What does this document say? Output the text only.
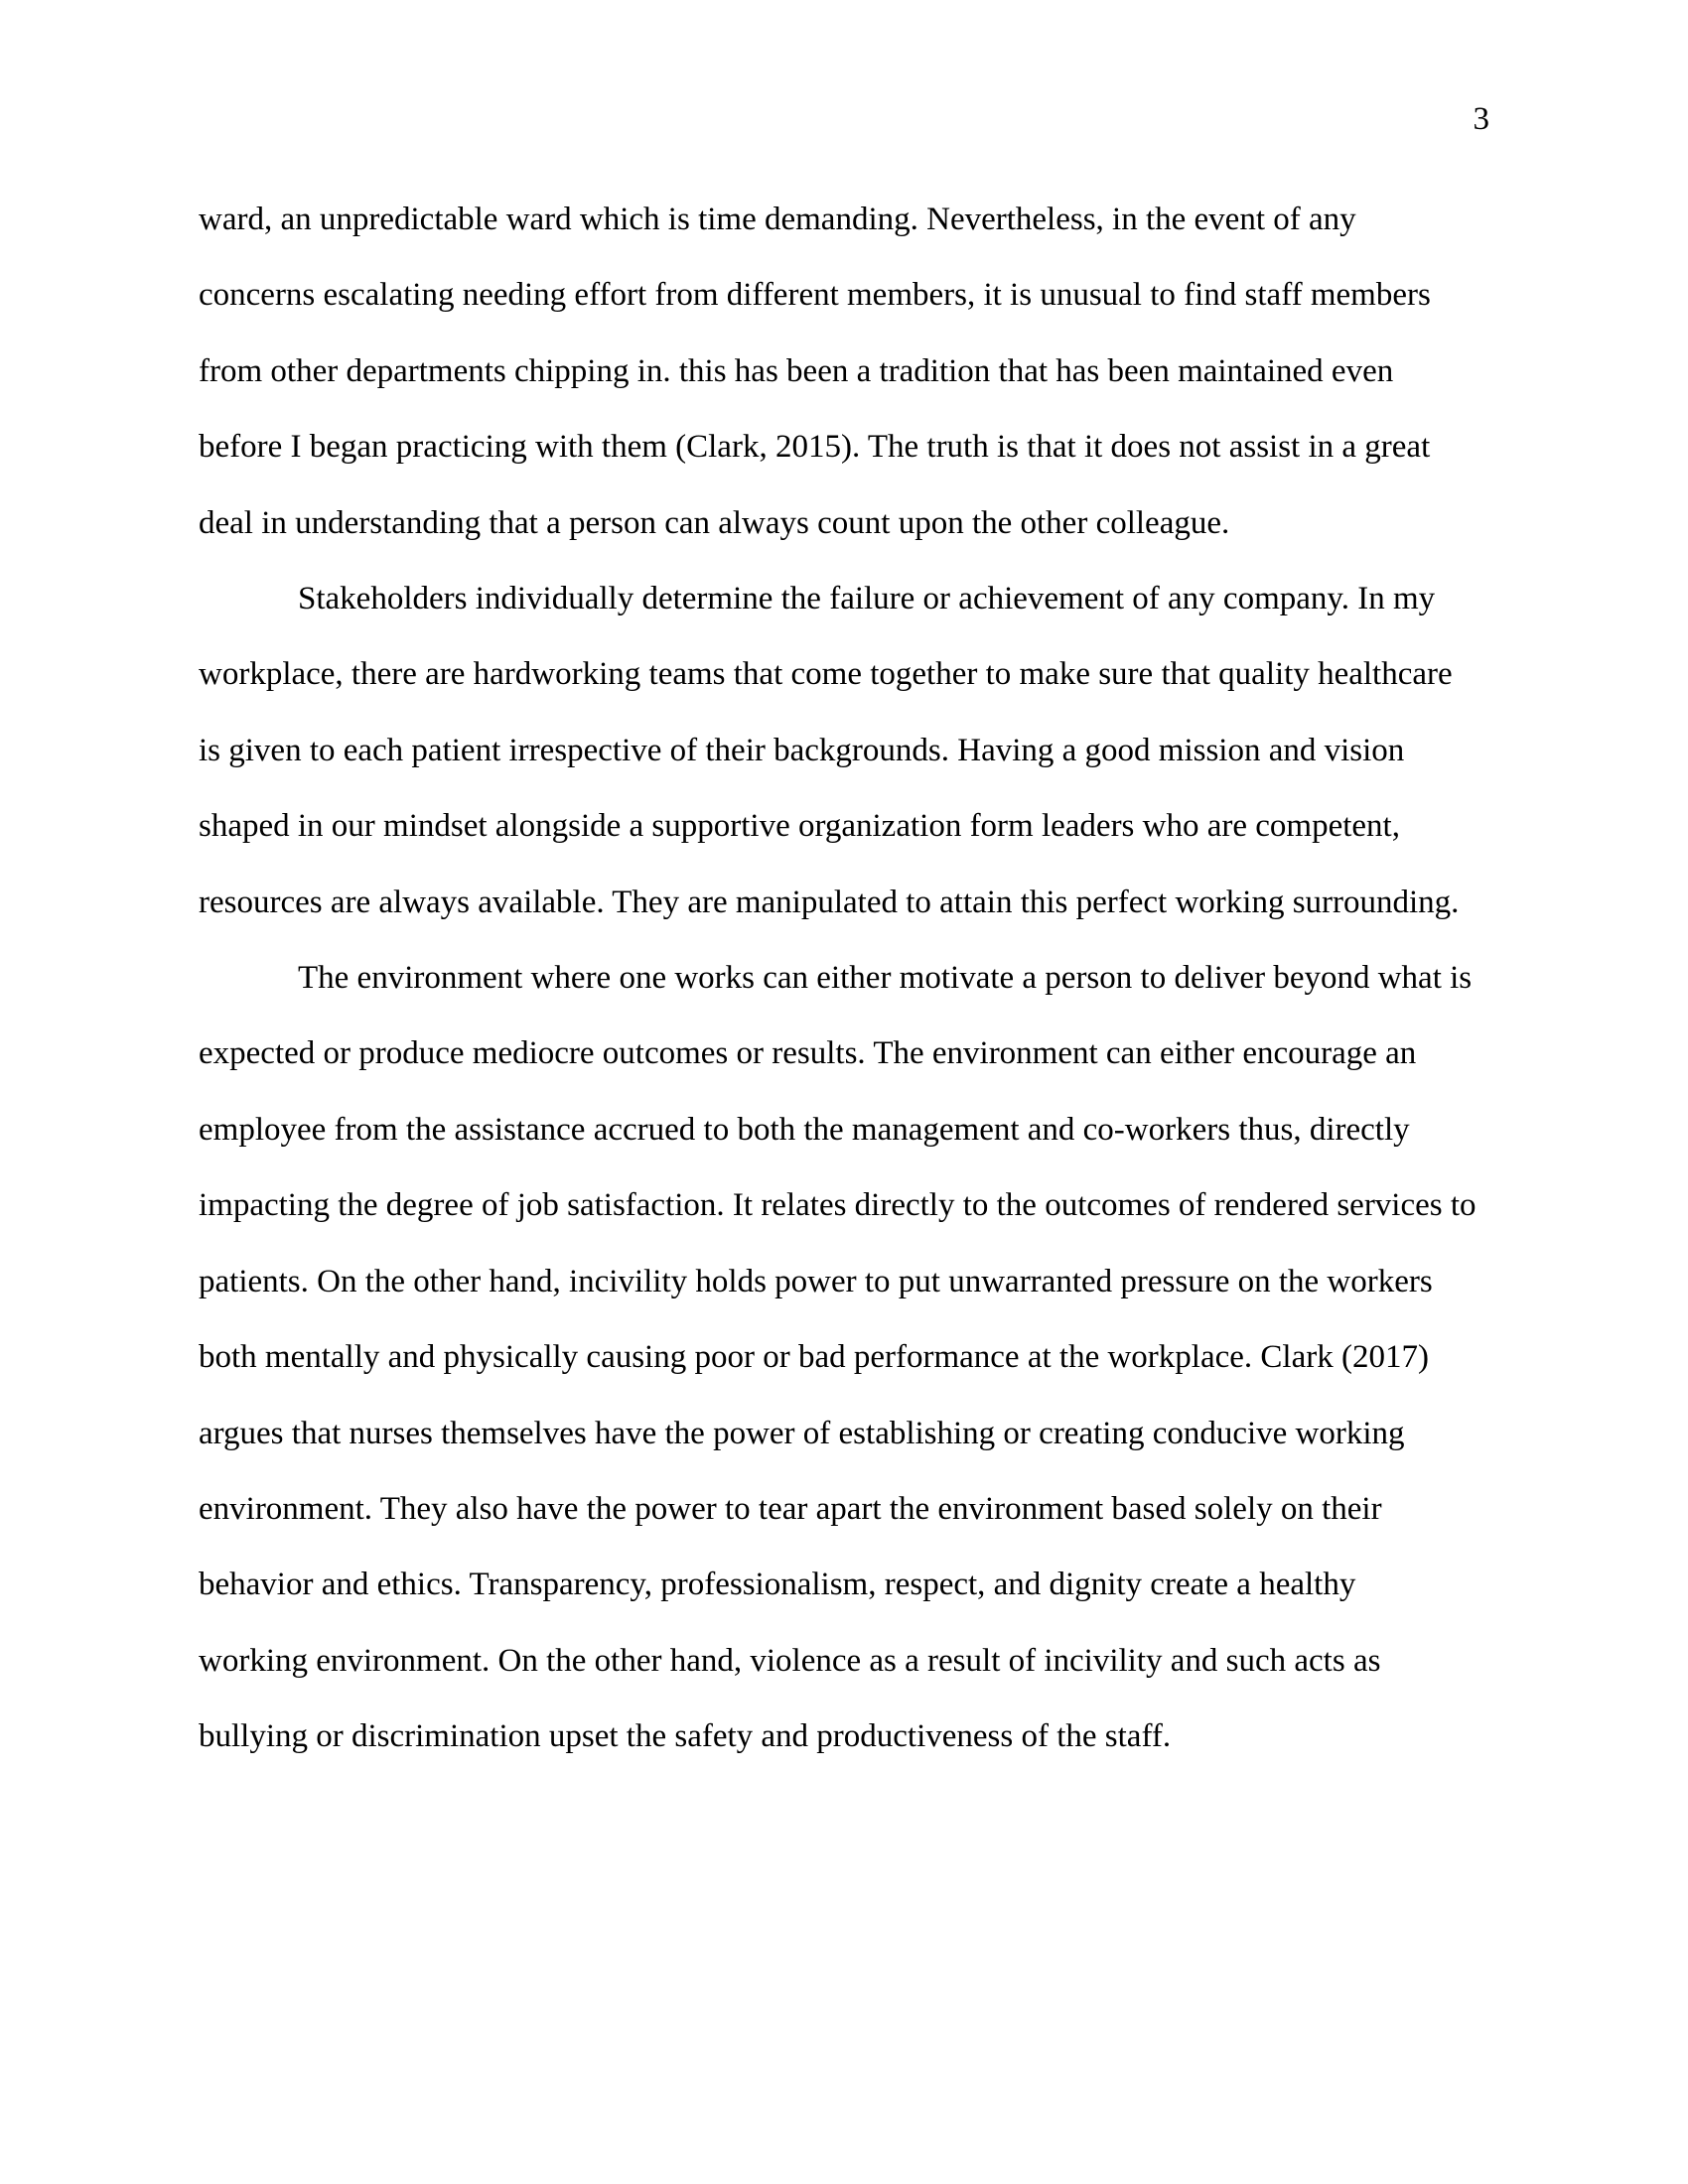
3

ward, an unpredictable ward which is time demanding. Nevertheless, in the event of any
concerns escalating needing effort from different members, it is unusual to find staff members
from other departments chipping in. this has been a tradition that has been maintained even
before I began practicing with them (Clark, 2015). The truth is that it does not assist in a great
deal in understanding that a person can always count upon the other colleague.

Stakeholders individually determine the failure or achievement of any company. In my
workplace, there are hardworking teams that come together to make sure that quality healthcare
is given to each patient irrespective of their backgrounds. Having a good mission and vision
shaped in our mindset alongside a supportive organization form leaders who are competent,
resources are always available. They are manipulated to attain this perfect working surrounding.

The environment where one works can either motivate a person to deliver beyond what is
expected or produce mediocre outcomes or results. The environment can either encourage an
employee from the assistance accrued to both the management and co-workers thus, directly
impacting the degree of job satisfaction. It relates directly to the outcomes of rendered services to
patients. On the other hand, incivility holds power to put unwarranted pressure on the workers
both mentally and physically causing poor or bad performance at the workplace. Clark (2017)
argues that nurses themselves have the power of establishing or creating conducive working
environment. They also have the power to tear apart the environment based solely on their
behavior and ethics. Transparency, professionalism, respect, and dignity create a healthy
working environment. On the other hand, violence as a result of incivility and such acts as
bullying or discrimination upset the safety and productiveness of the staff.
